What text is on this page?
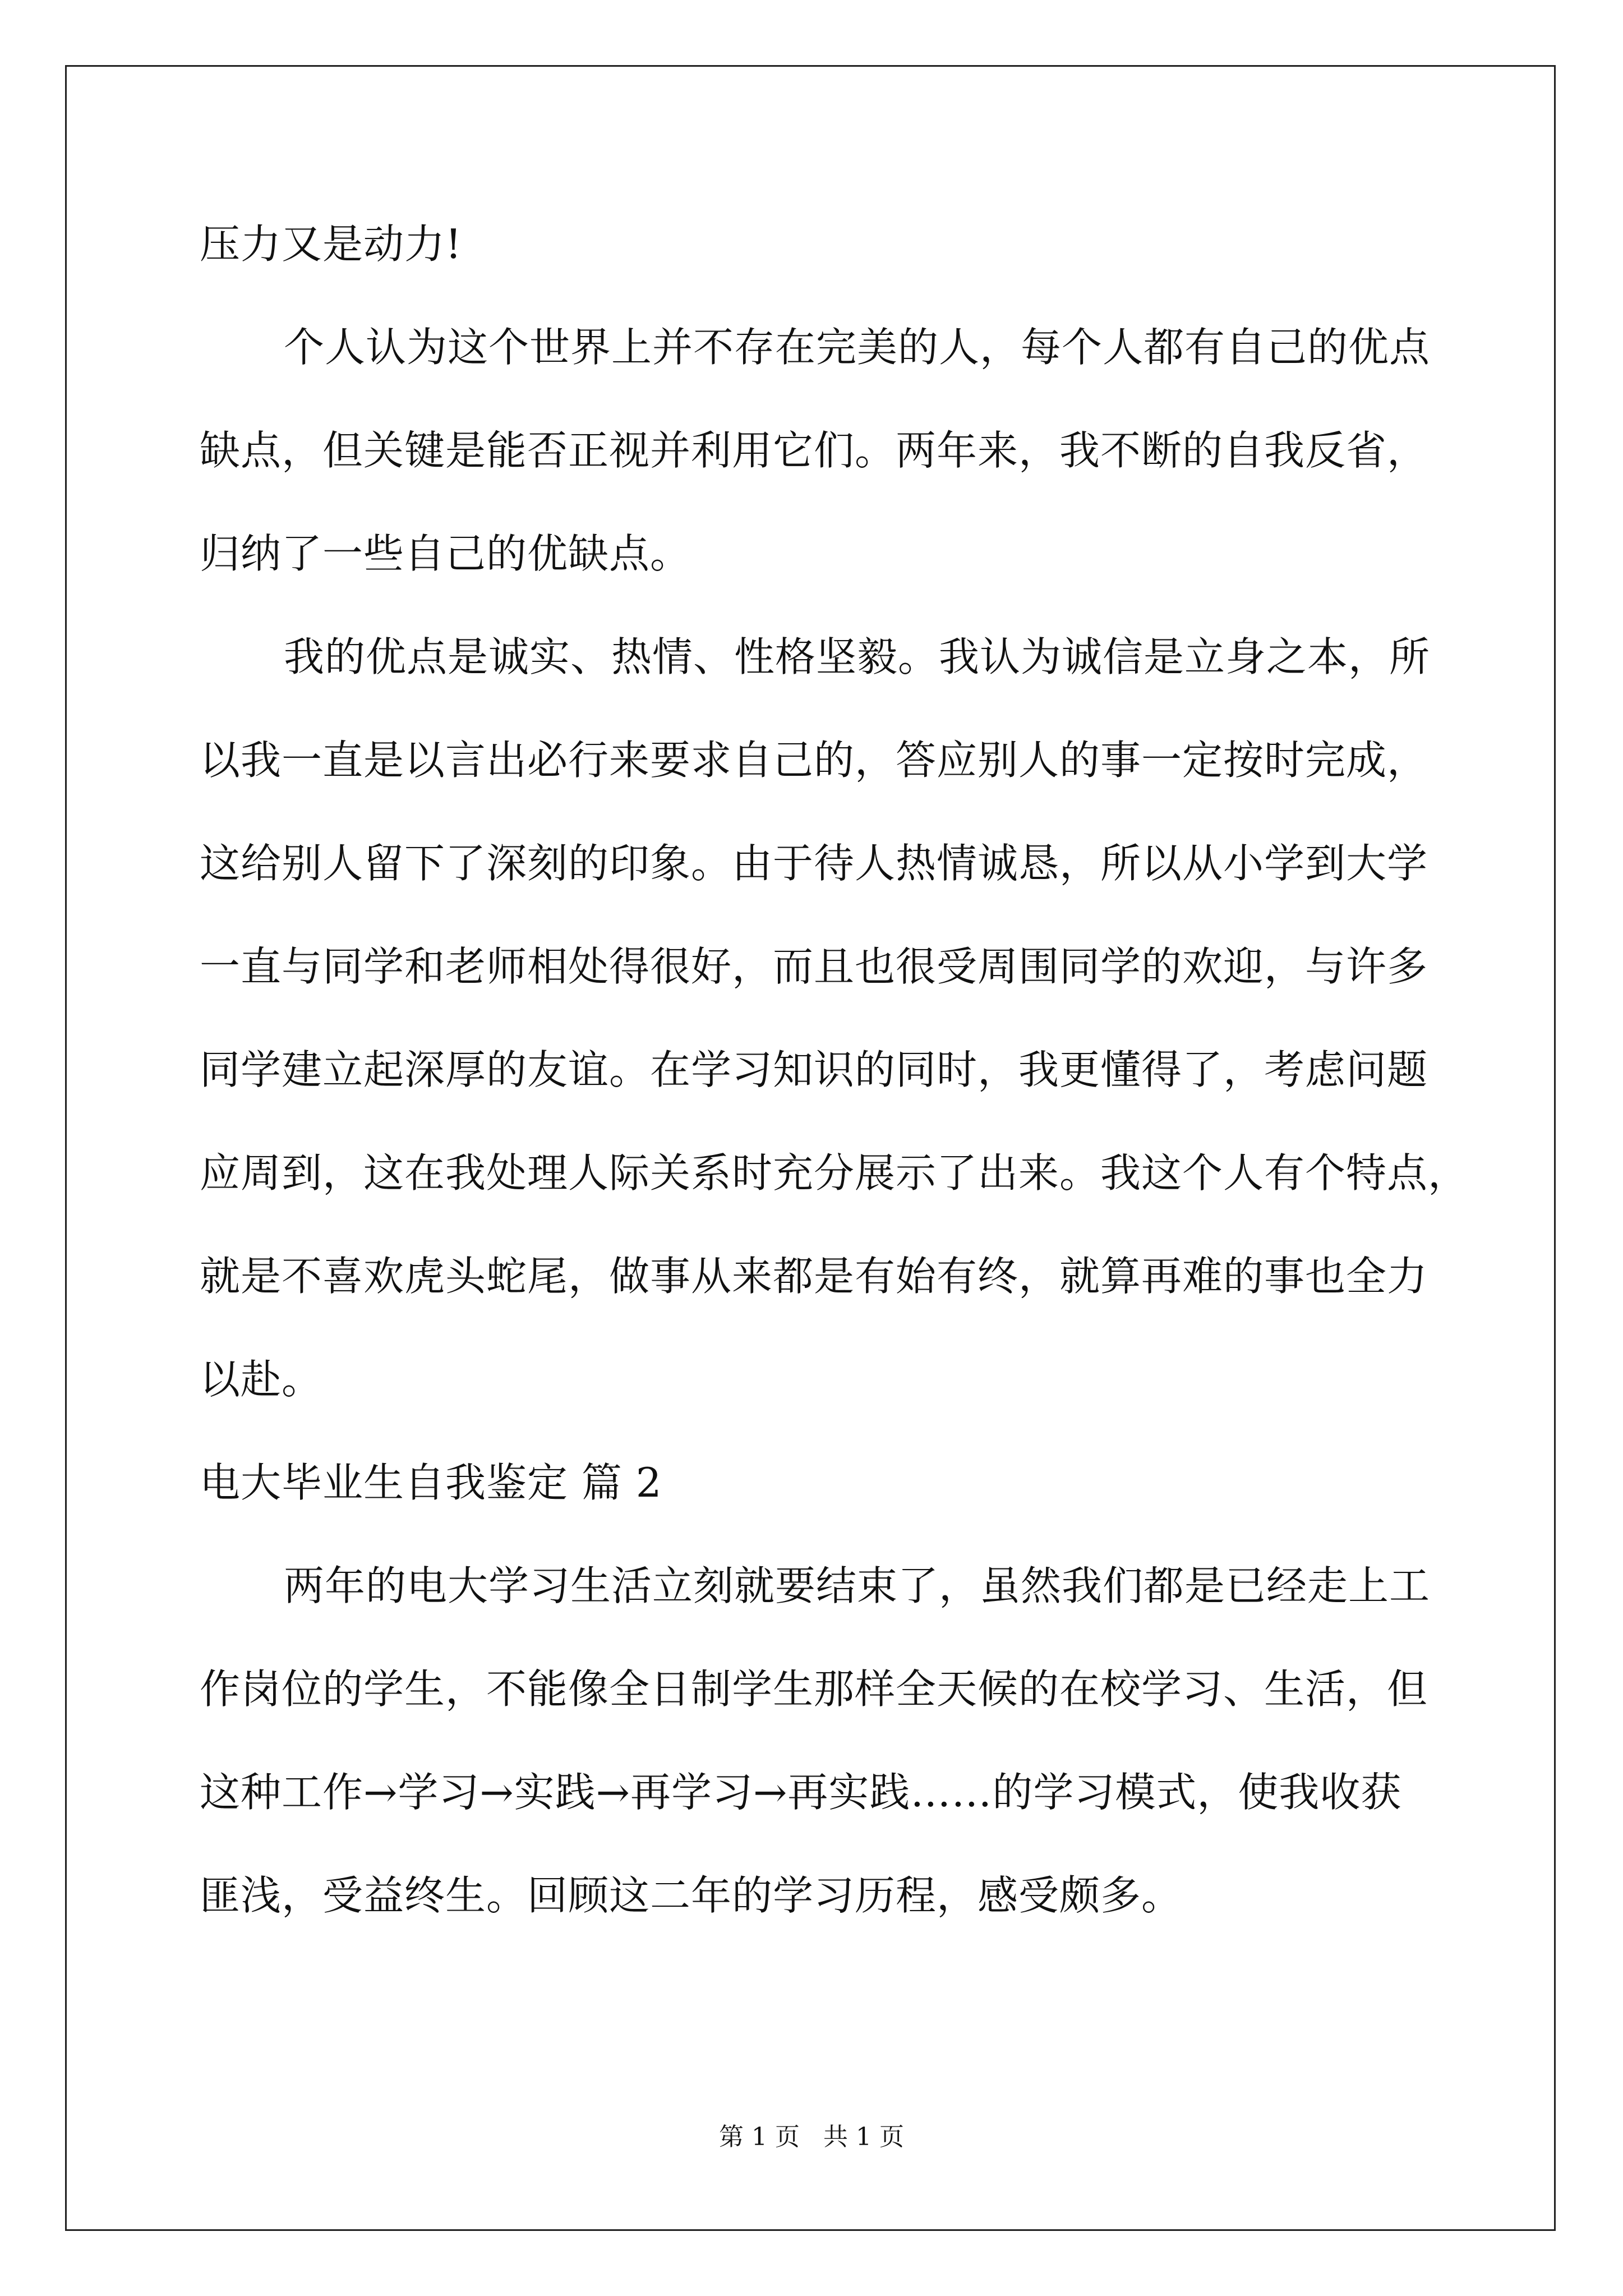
压力又是动力!

个人认为这个世界上并不存在完美的人，每个人都有自己的优点

缺点，但关键是能否正视并利用它们。两年来，我不断的自我反省，

归纳了一些自己的优缺点。

我的优点是诚实、热情、性格坚毅。我认为诚信是立身之本，所

以我一直是以言出必行来要求自己的，答应别人的事一定按时完成，

这给别人留下了深刻的印象。由于待人热情诚恳，所以从小学到大学

一直与同学和老师相处得很好，而且也很受周围同学的欢迎，与许多

同学建立起深厚的友谊。在学习知识的同时，我更懂得了，考虑问题

应周到，这在我处理人际关系时充分展示了出来。我这个人有个特点，

就是不喜欢虎头蛇尾，做事从来都是有始有终，就算再难的事也全力

以赴。

电大毕业生自我鉴定 篇 2

两年的电大学习生活立刻就要结束了，虽然我们都是已经走上工

作岗位的学生，不能像全日制学生那样全天候的在校学习、生活，但

这种工作→学习→实践→再学习→再实践……的学习模式，使我收获

匪浅，受益终生。回顾这二年的学习历程，感受颇多。

第 1 页   共 1 页
